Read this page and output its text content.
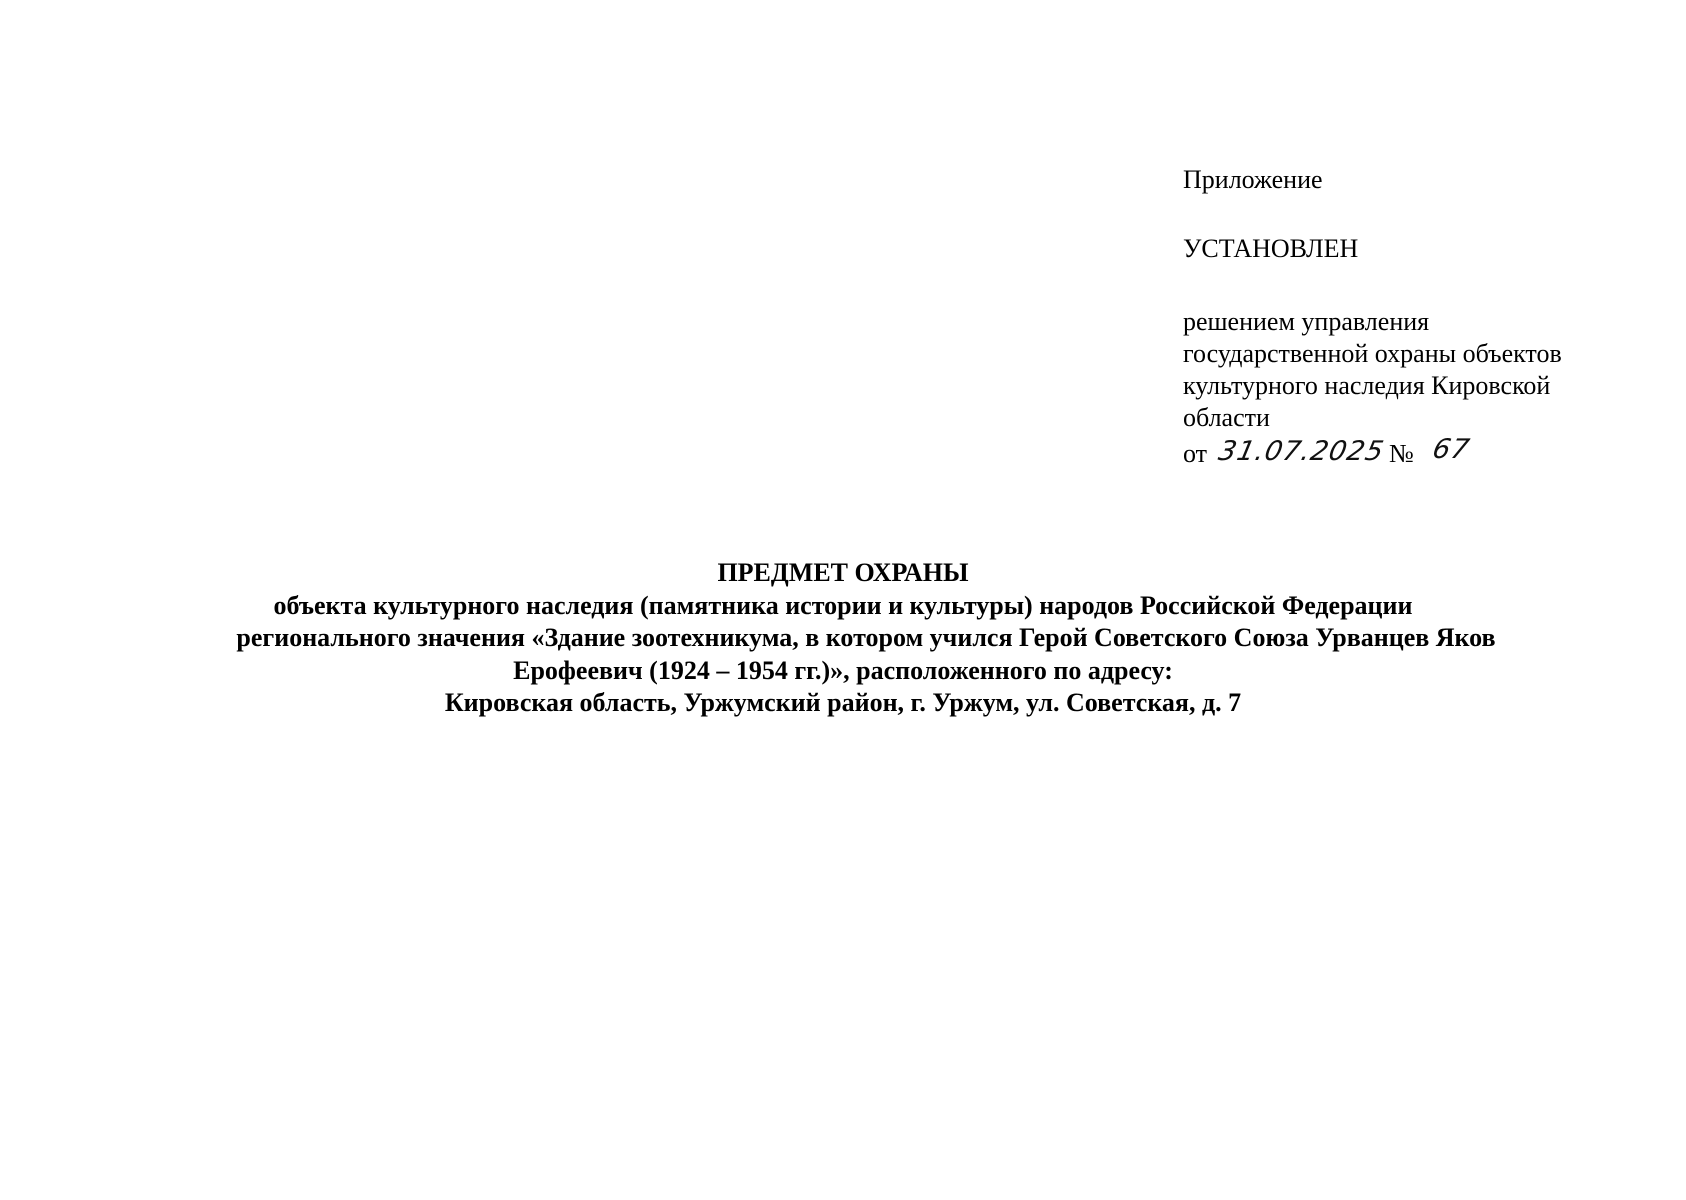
Приложение
УСТАНОВЛЕН
решением управления
государственной охраны объектов
культурного наследия Кировской
области
от 31.07.2025 № 67
ПРЕДМЕТ ОХРАНЫ
объекта культурного наследия (памятника истории и культуры) народов Российской Федерации
регионального значения «Здание зоотехникума, в котором учился Герой Советского Союза Урванцев Яков
Ерофеевич (1924 – 1954 гг.)», расположенного по адресу:
Кировская область, Уржумский район, г. Уржум, ул. Советская, д. 7
